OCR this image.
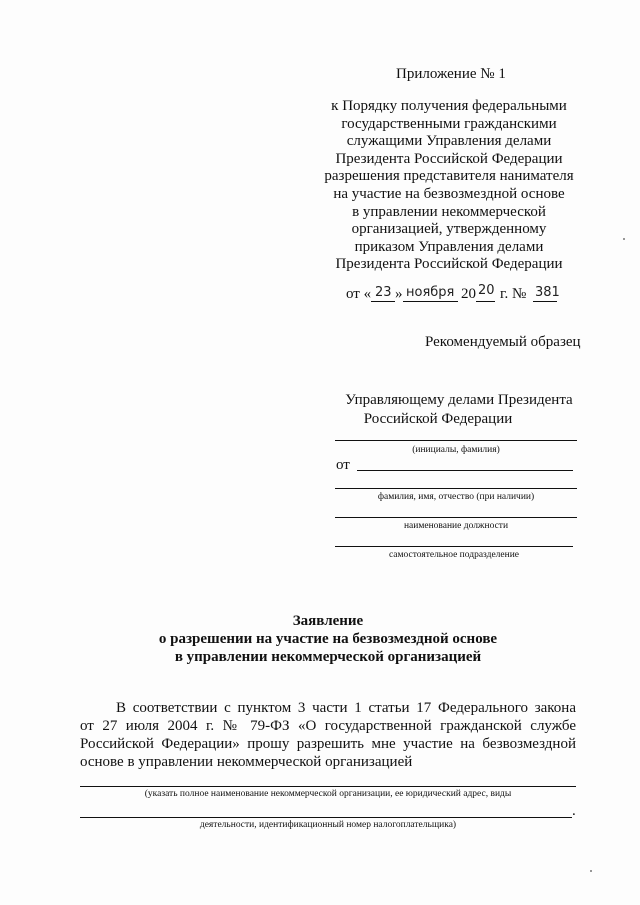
Приложение № 1
к Порядку получения федеральными
государственными гражданскими
служащими Управления делами
Президента Российской Федерации
разрешения представителя нанимателя
на участие на безвозмездной основе
в управлении некоммерческой
организацией, утвержденному
приказом Управления делами
Президента Российской Федерации
от « 23 » ноября 20 20 г. № 381
Рекомендуемый образец
Управляющему делами Президента
Российской Федерации
(инициалы, фамилия)
от
фамилия, имя, отчество (при наличии)
наименование должности
самостоятельное подразделение
Заявление
о разрешении на участие на безвозмездной основе
в управлении некоммерческой организацией
В соответствии с пунктом 3 части 1 статьи 17 Федерального закона
от 27 июля 2004 г. № 79-ФЗ «О государственной гражданской службе
Российской Федерации» прошу разрешить мне участие на безвозмездной
основе в управлении некоммерческой организацией
(указать полное наименование некоммерческой организации, ее юридический адрес, виды
.
деятельности, идентификационный номер налогоплательщика)
